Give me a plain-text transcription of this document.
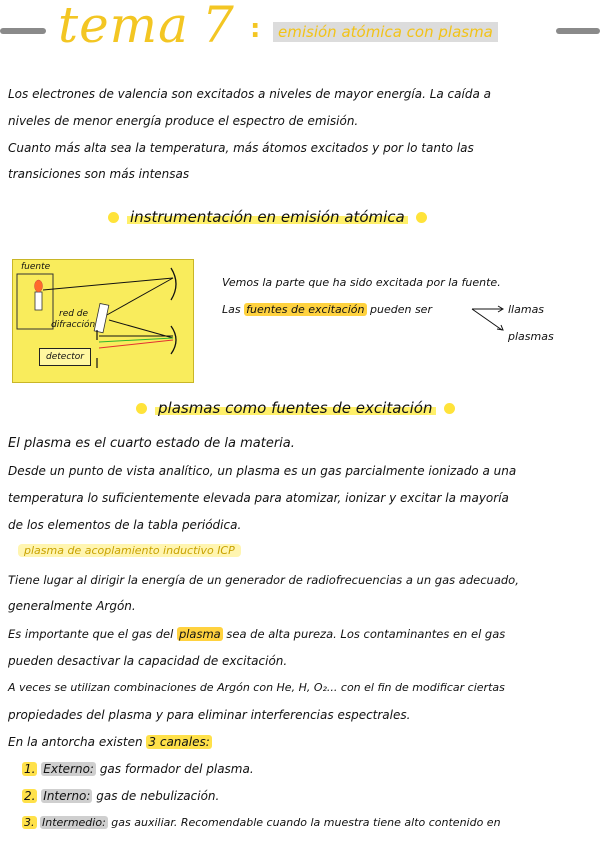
tema 7 :	emisión atómica con plasma
Los electrones de valencia son excitados a niveles de mayor energía. La caída a
niveles de menor energía produce el espectro de emisión.
Cuanto más alta sea la temperatura, más átomos excitados y por lo tanto las
transiciones son más intensas
instrumentación en emisión atómica
fuente
red de
difracción
detector
Vemos la parte que ha sido excitada por la fuente.
Las fuentes de excitación pueden ser	llamas
plasmas
plasmas como fuentes de excitación
El plasma es el cuarto estado de la materia.
Desde un punto de vista analítico, un plasma es un gas parcialmente ionizado a una
temperatura lo suficientemente elevada para atomizar, ionizar y excitar la mayoría
de los elementos de la tabla periódica.
plasma de acoplamiento inductivo ICP
Tiene lugar al dirigir la energía de un generador de radiofrecuencias a un gas adecuado,
generalmente Argón.
Es importante que el gas del plasma sea de alta pureza. Los contaminantes en el gas
pueden desactivar la capacidad de excitación.
A veces se utilizan combinaciones de Argón con He, H, O₂... con el fin de modificar ciertas
propiedades del plasma y para eliminar interferencias espectrales.
En la antorcha existen 3 canales:
1. Externo: gas formador del plasma.
2. Interno: gas de nebulización.
3. Intermedio: gas auxiliar. Recomendable cuando la muestra tiene alto contenido en
